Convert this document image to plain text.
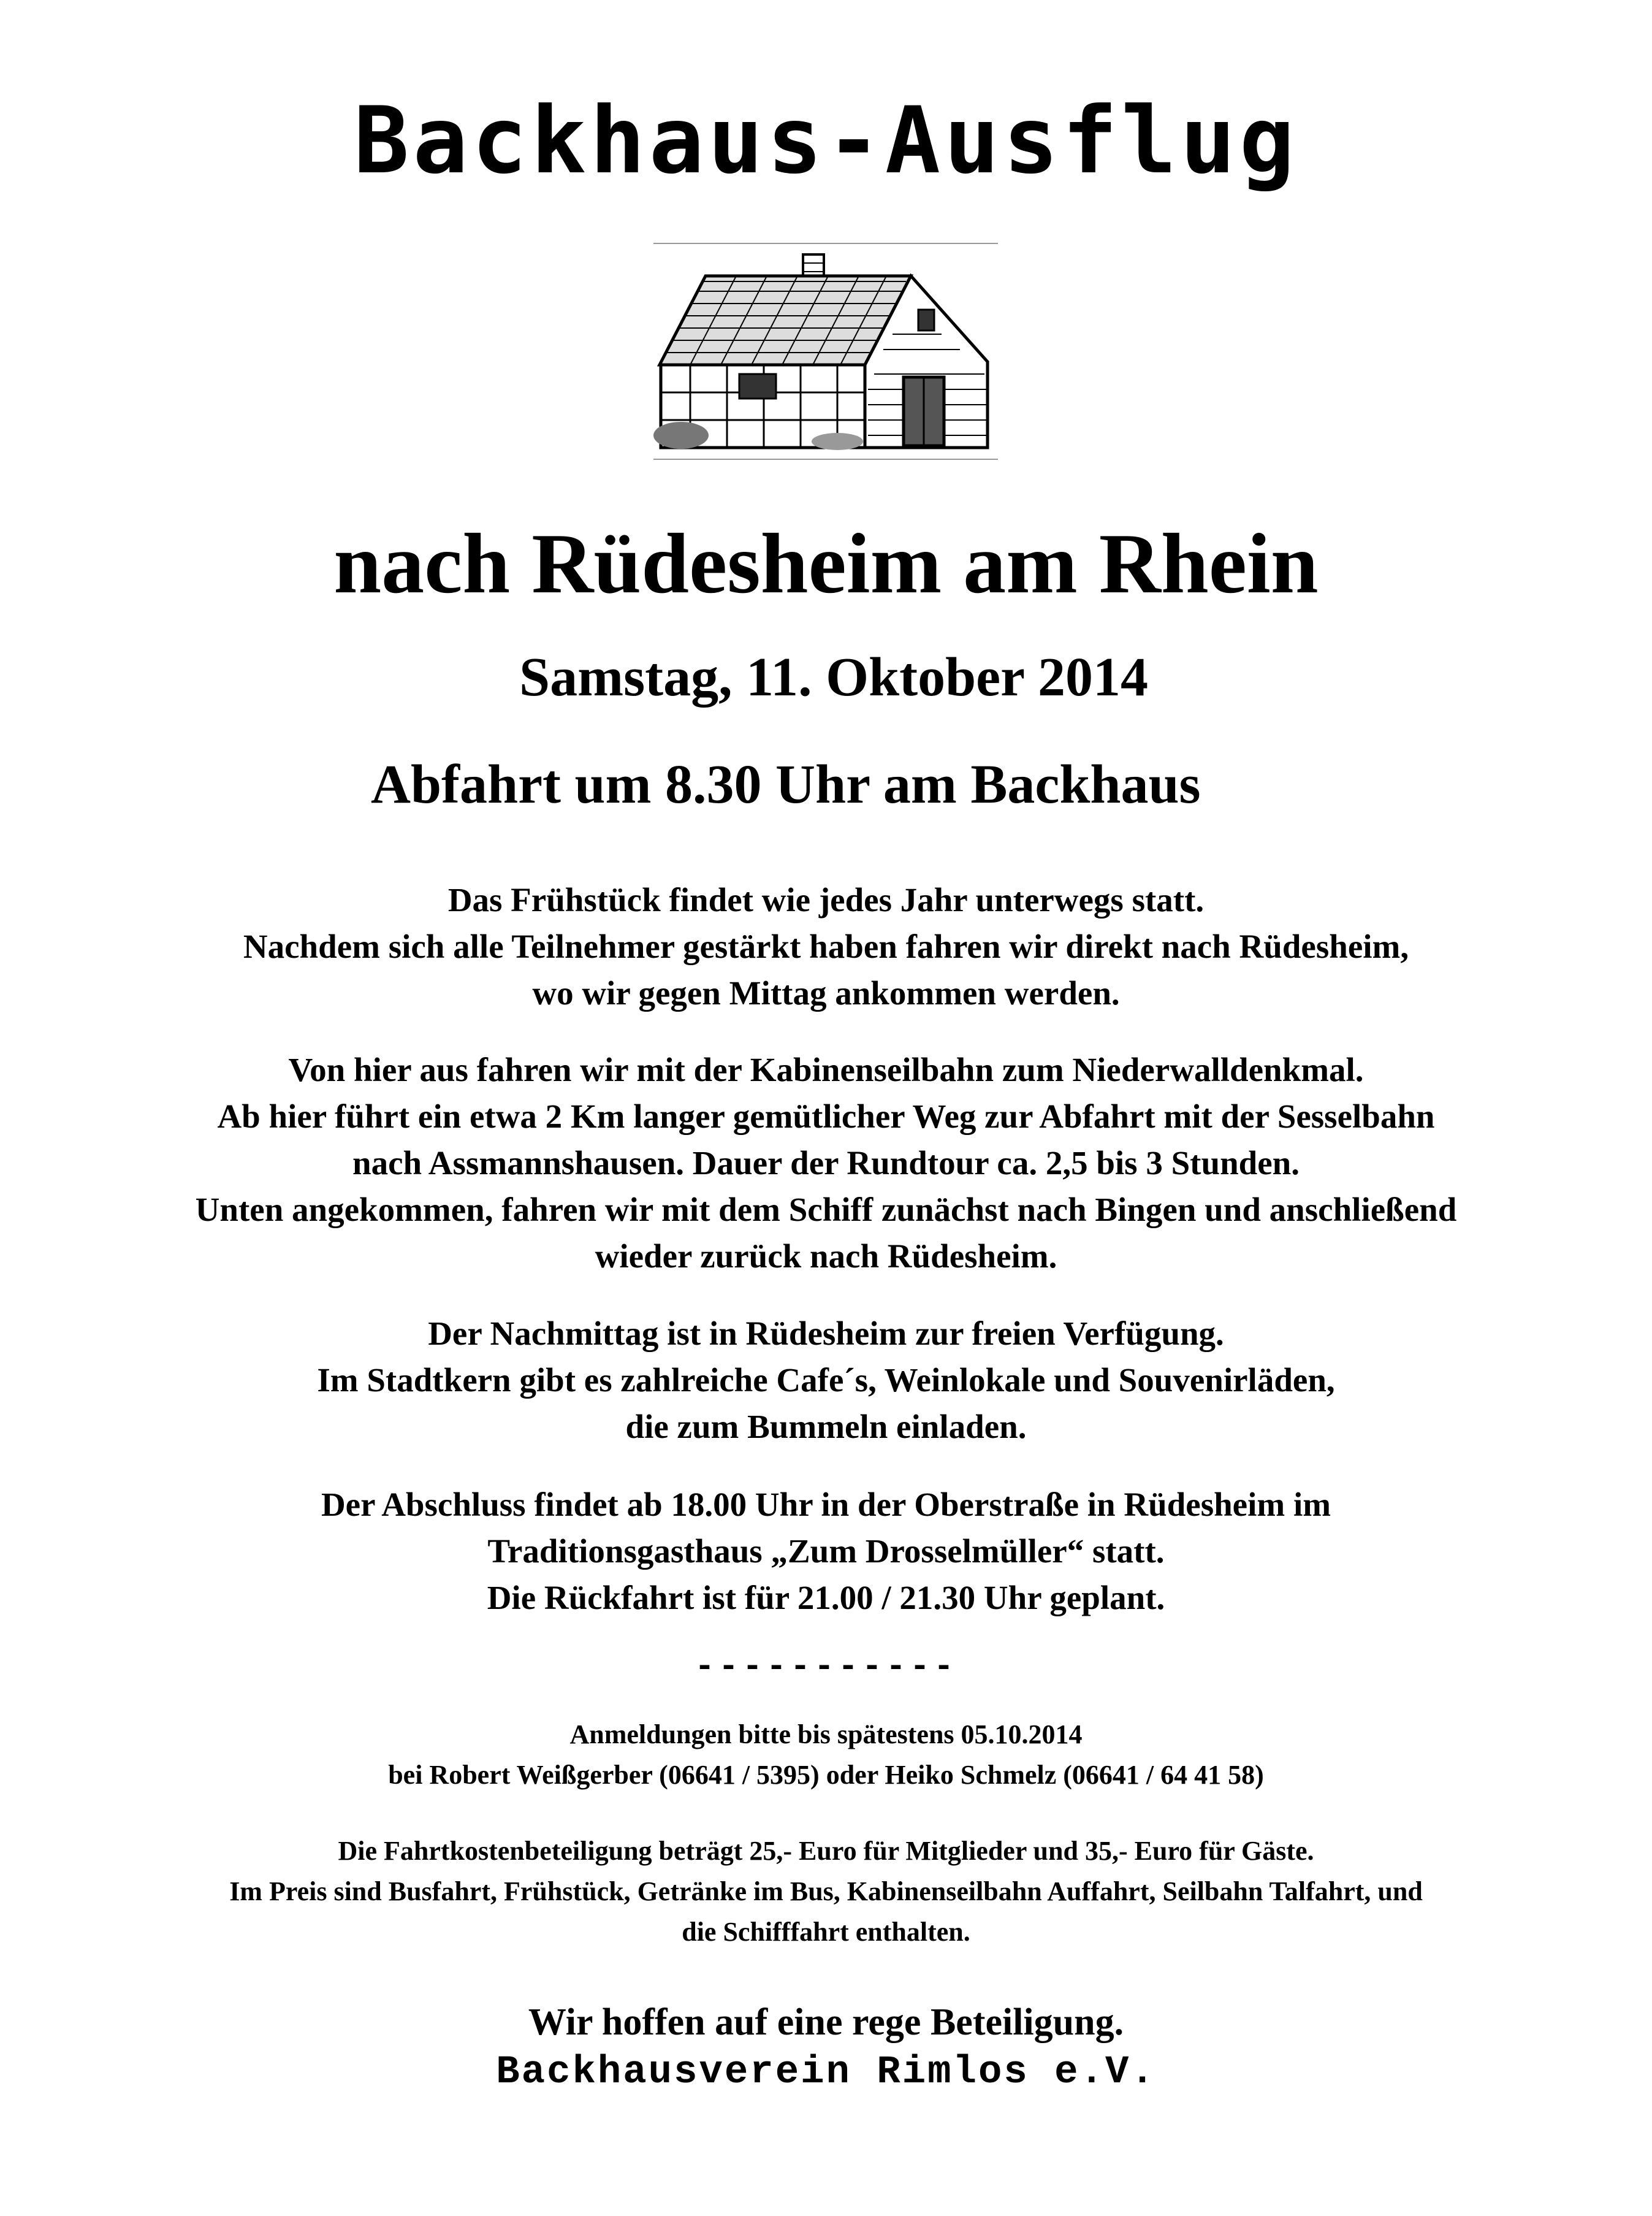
Backhaus-Ausflug
nach Rüdesheim am Rhein
Samstag, 11. Oktober 2014
Abfahrt um 8.30 Uhr am Backhaus
Das Frühstück findet wie jedes Jahr unterwegs statt.
Nachdem sich alle Teilnehmer gestärkt haben fahren wir direkt nach Rüdesheim,
wo wir gegen Mittag ankommen werden.
Von hier aus fahren wir mit der Kabinenseilbahn zum Niederwalldenkmal.
Ab hier führt ein etwa 2 Km langer gemütlicher Weg zur Abfahrt mit der Sesselbahn
nach Assmannshausen. Dauer der Rundtour ca. 2,5 bis 3 Stunden.
Unten angekommen, fahren wir mit dem Schiff zunächst nach Bingen und anschließend
wieder zurück nach Rüdesheim.
Der Nachmittag ist in Rüdesheim zur freien Verfügung.
Im Stadtkern gibt es zahlreiche Cafe´s, Weinlokale und Souvenirläden,
die zum Bummeln einladen.
Der Abschluss findet ab 18.00 Uhr in der Oberstraße in Rüdesheim im
Traditionsgasthaus „Zum Drosselmüller“ statt.
Die Rückfahrt ist für 21.00 / 21.30 Uhr geplant.
-----------
Anmeldungen bitte bis spätestens 05.10.2014
bei Robert Weißgerber (06641 / 5395) oder Heiko Schmelz (06641 / 64 41 58)
Die Fahrtkostenbeteiligung beträgt 25,- Euro für Mitglieder und 35,- Euro für Gäste.
Im Preis sind Busfahrt, Frühstück, Getränke im Bus, Kabinenseilbahn Auffahrt, Seilbahn Talfahrt, und
die Schifffahrt enthalten.
Wir hoffen auf eine rege Beteiligung.
Backhausverein Rimlos e.V.
